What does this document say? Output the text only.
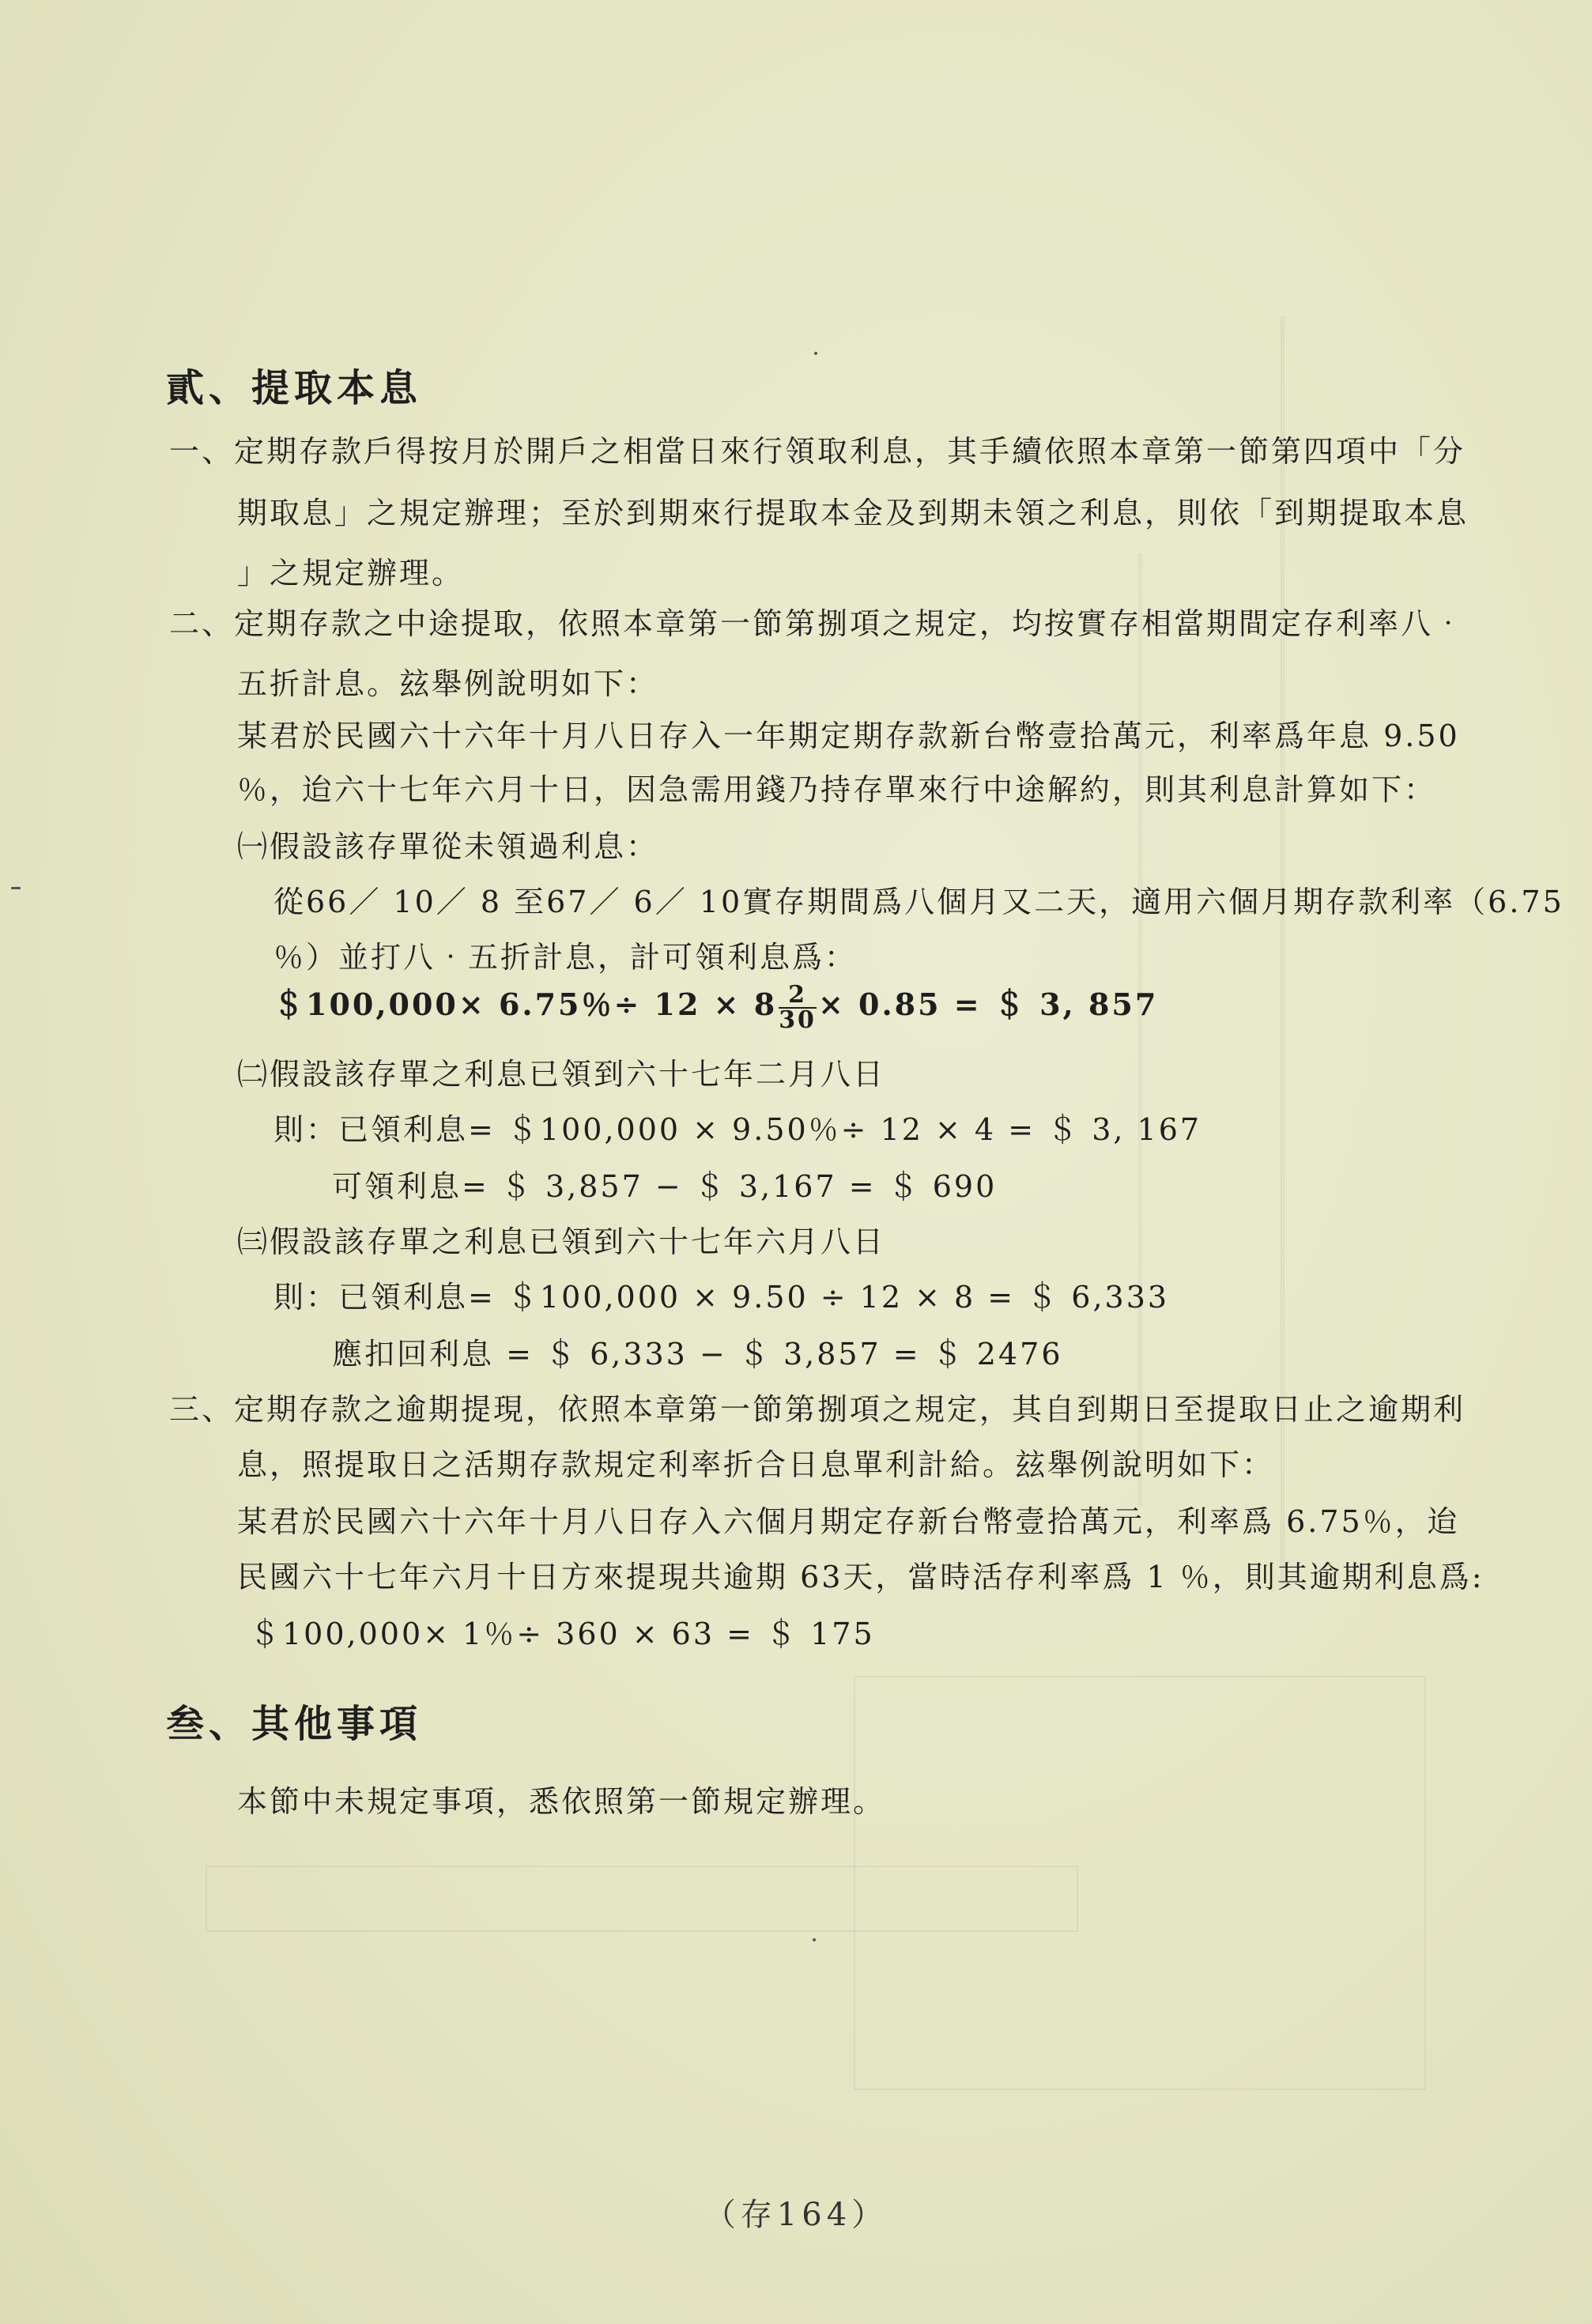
貳、提取本息
一、定期存款戶得按月於開戶之相當日來行領取利息，其手續依照本章第一節第四項中「分
期取息」之規定辦理；至於到期來行提取本金及到期未領之利息，則依「到期提取本息
」之規定辦理。
二、定期存款之中途提取，依照本章第一節第捌項之規定，均按實存相當期間定存利率八‧
五折計息。玆舉例說明如下：
某君於民國六十六年十月八日存入一年期定期存款新台幣壹拾萬元，利率爲年息 9.50
％，迨六十七年六月十日，因急需用錢乃持存單來行中途解約，則其利息計算如下：
㈠假設該存單從未領過利息：
從66／ 10／ 8 至67／ 6／ 10實存期間爲八個月又二天，適用六個月期存款利率（6.75
％）並打八‧五折計息，計可領利息爲：
＄100,000× 6.75％÷ $12 \times 8 \frac{2}{30} \times 0.85$ = ＄ 3, 857
㈡假設該存單之利息已領到六十七年二月八日
則：已領利息= ＄100,000 × 9.50％÷ 12 × 4 = ＄ 3, 167
可領利息= ＄ 3,857 − ＄ 3,167 = ＄ 690
㈢假設該存單之利息已領到六十七年六月八日
則：已領利息= ＄100,000 × 9.50 ÷ 12 × 8 = ＄ 6,333
應扣回利息 = ＄ 6,333 − ＄ 3,857 = ＄ 2476
三、定期存款之逾期提現，依照本章第一節第捌項之規定，其自到期日至提取日止之逾期利
息，照提取日之活期存款規定利率折合日息單利計給。玆舉例說明如下：
某君於民國六十六年十月八日存入六個月期定存新台幣壹拾萬元，利率爲 6.75％，迨
民國六十七年六月十日方來提現共逾期 63天，當時活存利率爲 1 ％，則其逾期利息爲:
＄100,000× 1％÷ 360 × 63 = ＄ 175
叁、其他事項
本節中未規定事項，悉依照第一節規定辦理。
（存164）
